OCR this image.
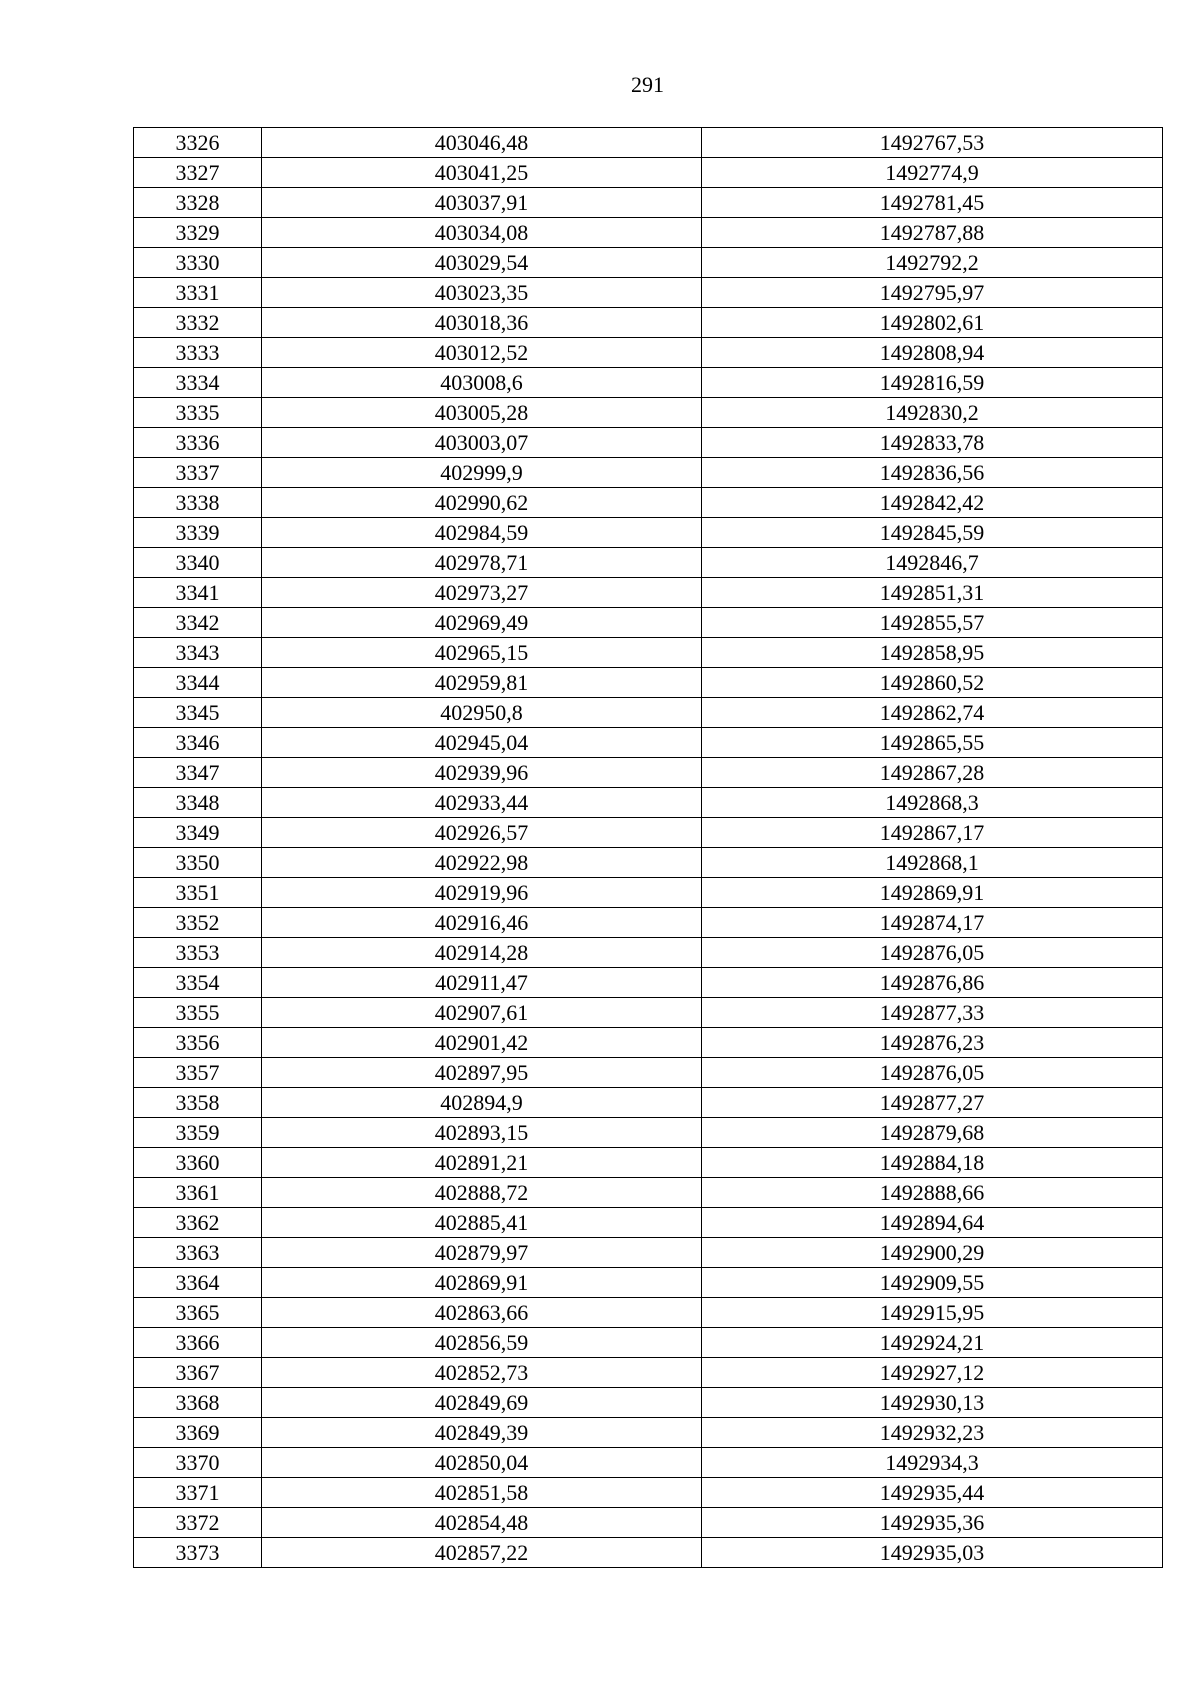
291
3326	403046,48	1492767,53
3327	403041,25	1492774,9
3328	403037,91	1492781,45
3329	403034,08	1492787,88
3330	403029,54	1492792,2
3331	403023,35	1492795,97
3332	403018,36	1492802,61
3333	403012,52	1492808,94
3334	403008,6	1492816,59
3335	403005,28	1492830,2
3336	403003,07	1492833,78
3337	402999,9	1492836,56
3338	402990,62	1492842,42
3339	402984,59	1492845,59
3340	402978,71	1492846,7
3341	402973,27	1492851,31
3342	402969,49	1492855,57
3343	402965,15	1492858,95
3344	402959,81	1492860,52
3345	402950,8	1492862,74
3346	402945,04	1492865,55
3347	402939,96	1492867,28
3348	402933,44	1492868,3
3349	402926,57	1492867,17
3350	402922,98	1492868,1
3351	402919,96	1492869,91
3352	402916,46	1492874,17
3353	402914,28	1492876,05
3354	402911,47	1492876,86
3355	402907,61	1492877,33
3356	402901,42	1492876,23
3357	402897,95	1492876,05
3358	402894,9	1492877,27
3359	402893,15	1492879,68
3360	402891,21	1492884,18
3361	402888,72	1492888,66
3362	402885,41	1492894,64
3363	402879,97	1492900,29
3364	402869,91	1492909,55
3365	402863,66	1492915,95
3366	402856,59	1492924,21
3367	402852,73	1492927,12
3368	402849,69	1492930,13
3369	402849,39	1492932,23
3370	402850,04	1492934,3
3371	402851,58	1492935,44
3372	402854,48	1492935,36
3373	402857,22	1492935,03
